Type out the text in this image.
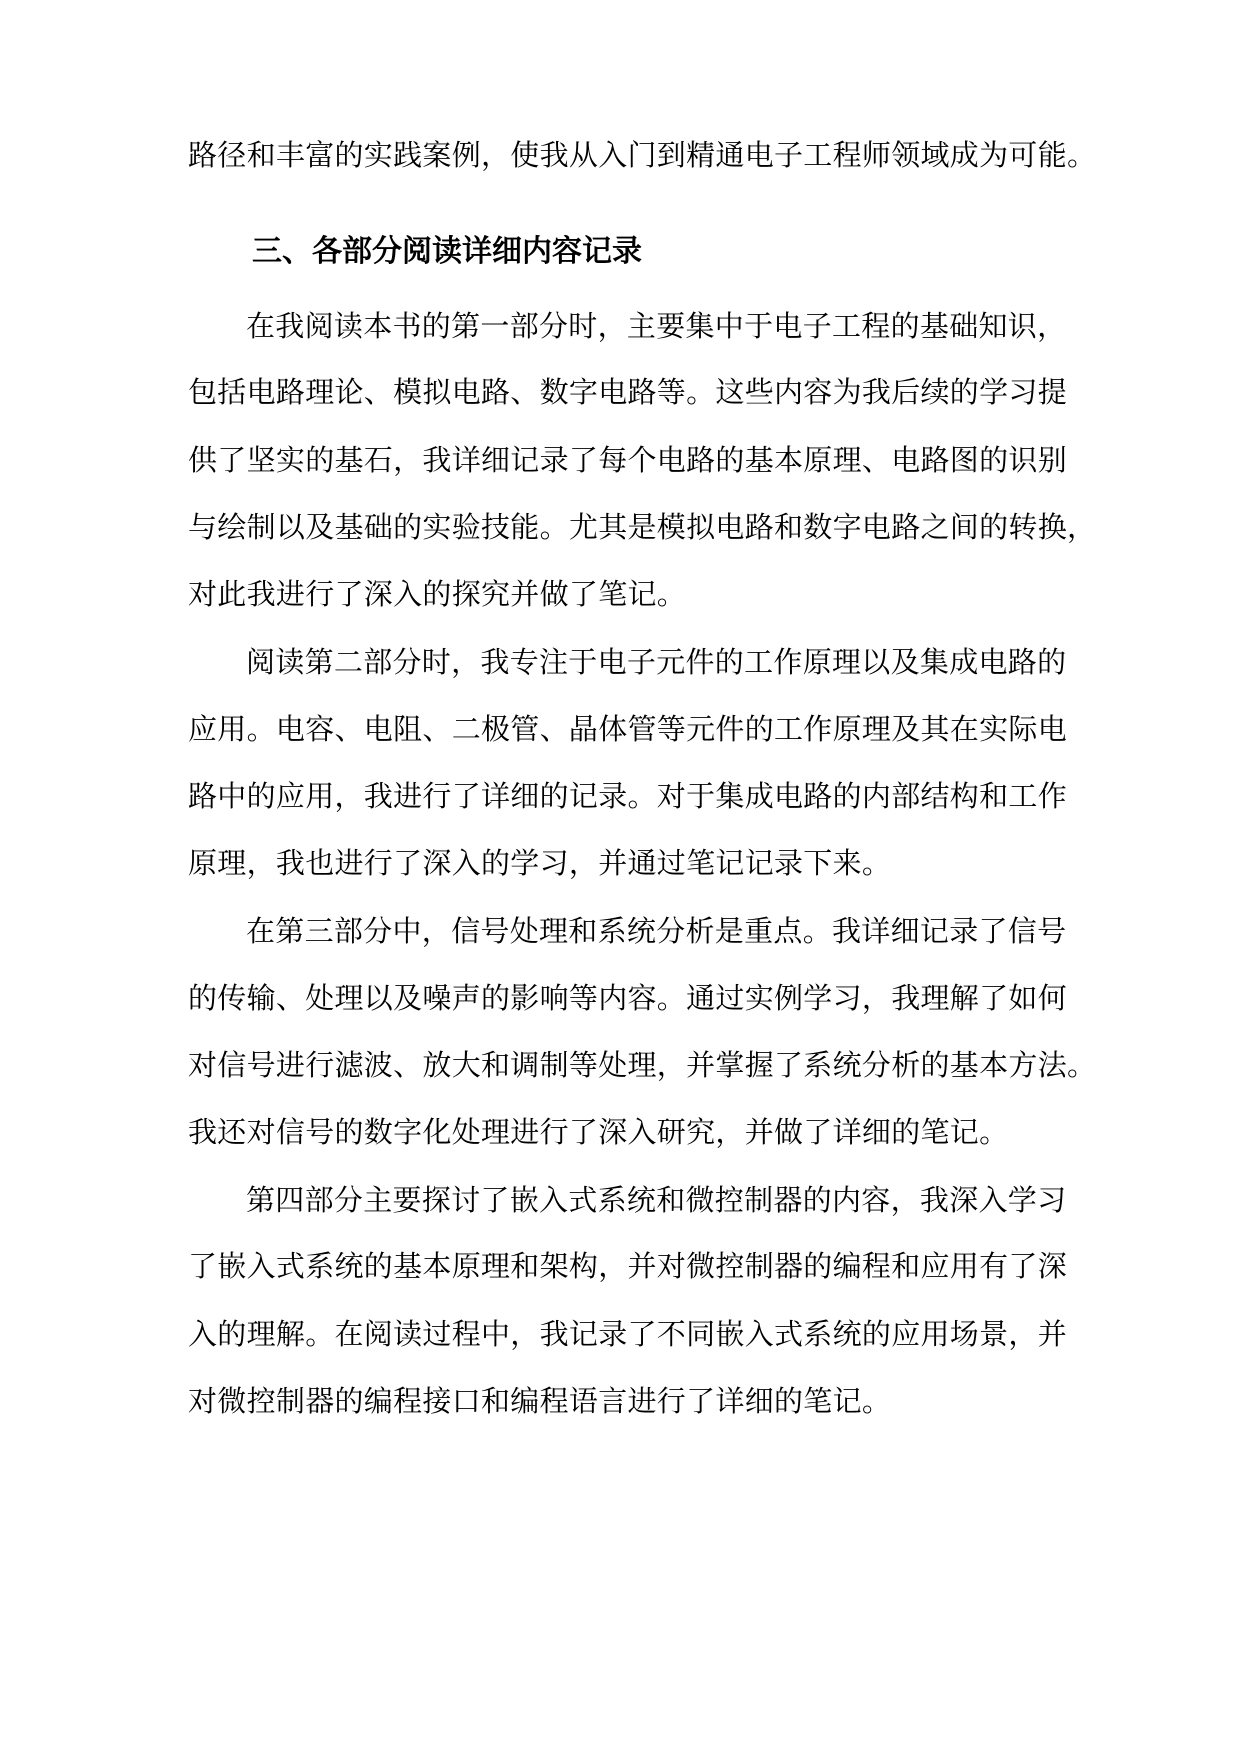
路径和丰富的实践案例，使我从入门到精通电子工程师领域成为可能。
三、各部分阅读详细内容记录
在我阅读本书的第一部分时，主要集中于电子工程的基础知识，
包括电路理论、模拟电路、数字电路等。这些内容为我后续的学习提
供了坚实的基石，我详细记录了每个电路的基本原理、电路图的识别
与绘制以及基础的实验技能。尤其是模拟电路和数字电路之间的转换，
对此我进行了深入的探究并做了笔记。
阅读第二部分时，我专注于电子元件的工作原理以及集成电路的
应用。电容、电阻、二极管、晶体管等元件的工作原理及其在实际电
路中的应用，我进行了详细的记录。对于集成电路的内部结构和工作
原理，我也进行了深入的学习，并通过笔记记录下来。
在第三部分中，信号处理和系统分析是重点。我详细记录了信号
的传输、处理以及噪声的影响等内容。通过实例学习，我理解了如何
对信号进行滤波、放大和调制等处理，并掌握了系统分析的基本方法。
我还对信号的数字化处理进行了深入研究，并做了详细的笔记。
第四部分主要探讨了嵌入式系统和微控制器的内容，我深入学习
了嵌入式系统的基本原理和架构，并对微控制器的编程和应用有了深
入的理解。在阅读过程中，我记录了不同嵌入式系统的应用场景，并
对微控制器的编程接口和编程语言进行了详细的笔记。
